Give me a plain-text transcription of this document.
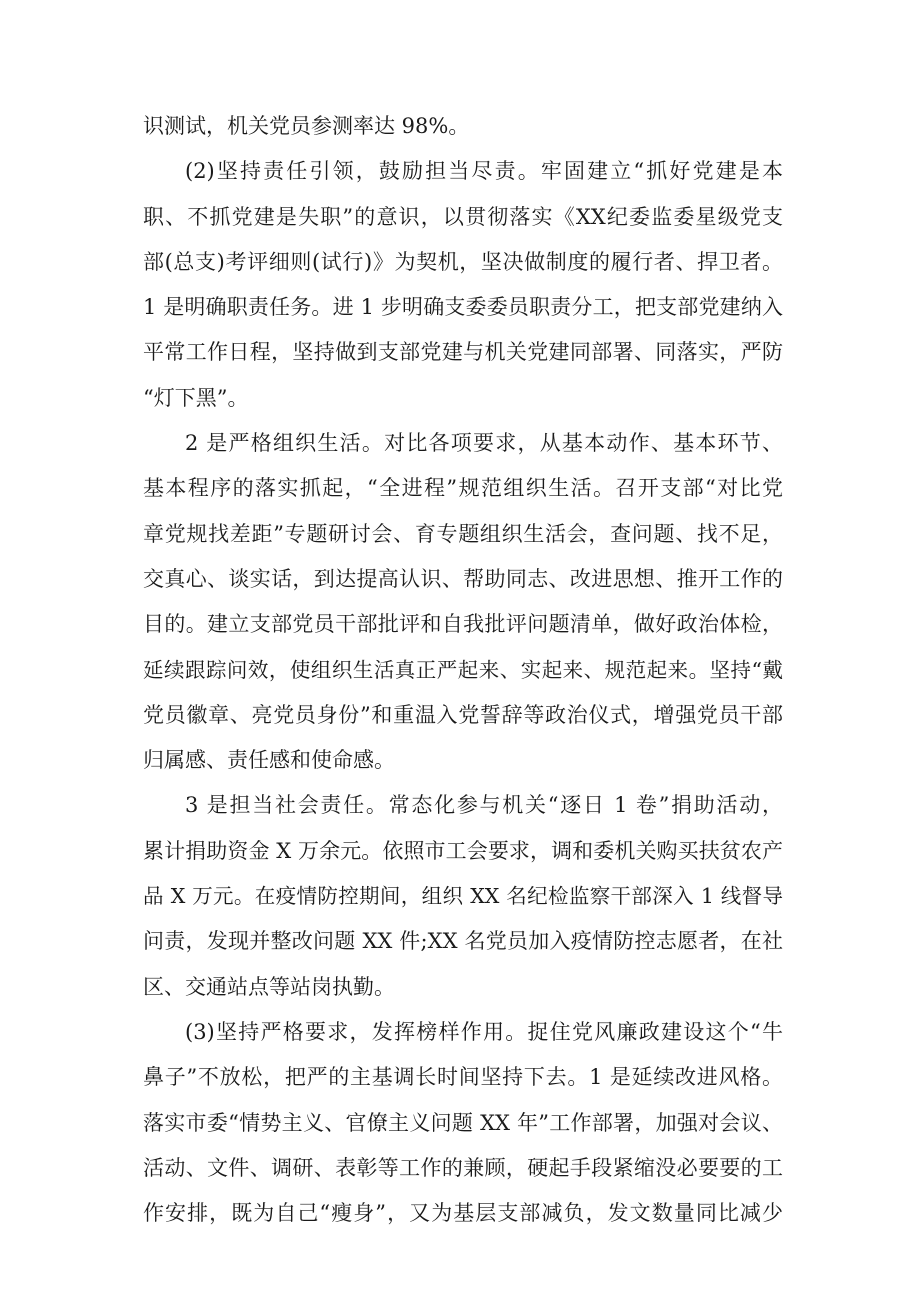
识测试，机关党员参测率达 98%。
(2)坚持责任引领，鼓励担当尽责。牢固建立“抓好党建是本
职、不抓党建是失职”的意识，以贯彻落实《XX纪委监委星级党支
部(总支)考评细则(试行)》为契机，坚决做制度的履行者、捍卫者。
1 是明确职责任务。进 1 步明确支委委员职责分工，把支部党建纳入
平常工作日程，坚持做到支部党建与机关党建同部署、同落实，严防
“灯下黑”。
2 是严格组织生活。对比各项要求，从基本动作、基本环节、
基本程序的落实抓起，“全进程”规范组织生活。召开支部“对比党
章党规找差距”专题研讨会、育专题组织生活会，查问题、找不足，
交真心、谈实话，到达提高认识、帮助同志、改进思想、推开工作的
目的。建立支部党员干部批评和自我批评问题清单，做好政治体检，
延续跟踪问效，使组织生活真正严起来、实起来、规范起来。坚持“戴
党员徽章、亮党员身份”和重温入党誓辞等政治仪式，增强党员干部
归属感、责任感和使命感。
3 是担当社会责任。常态化参与机关“逐日 1 卷”捐助活动，
累计捐助资金 X 万余元。依照市工会要求，调和委机关购买扶贫农产
品 X 万元。在疫情防控期间，组织 XX 名纪检监察干部深入 1 线督导
问责，发现并整改问题 XX 件;XX 名党员加入疫情防控志愿者，在社
区、交通站点等站岗执勤。
(3)坚持严格要求，发挥榜样作用。捉住党风廉政建设这个“牛
鼻子”不放松，把严的主基调长时间坚持下去。1 是延续改进风格。
落实市委“情势主义、官僚主义问题 XX 年”工作部署，加强对会议、
活动、文件、调研、表彰等工作的兼顾，硬起手段紧缩没必要要的工
作安排，既为自己“瘦身”，又为基层支部减负，发文数量同比减少
